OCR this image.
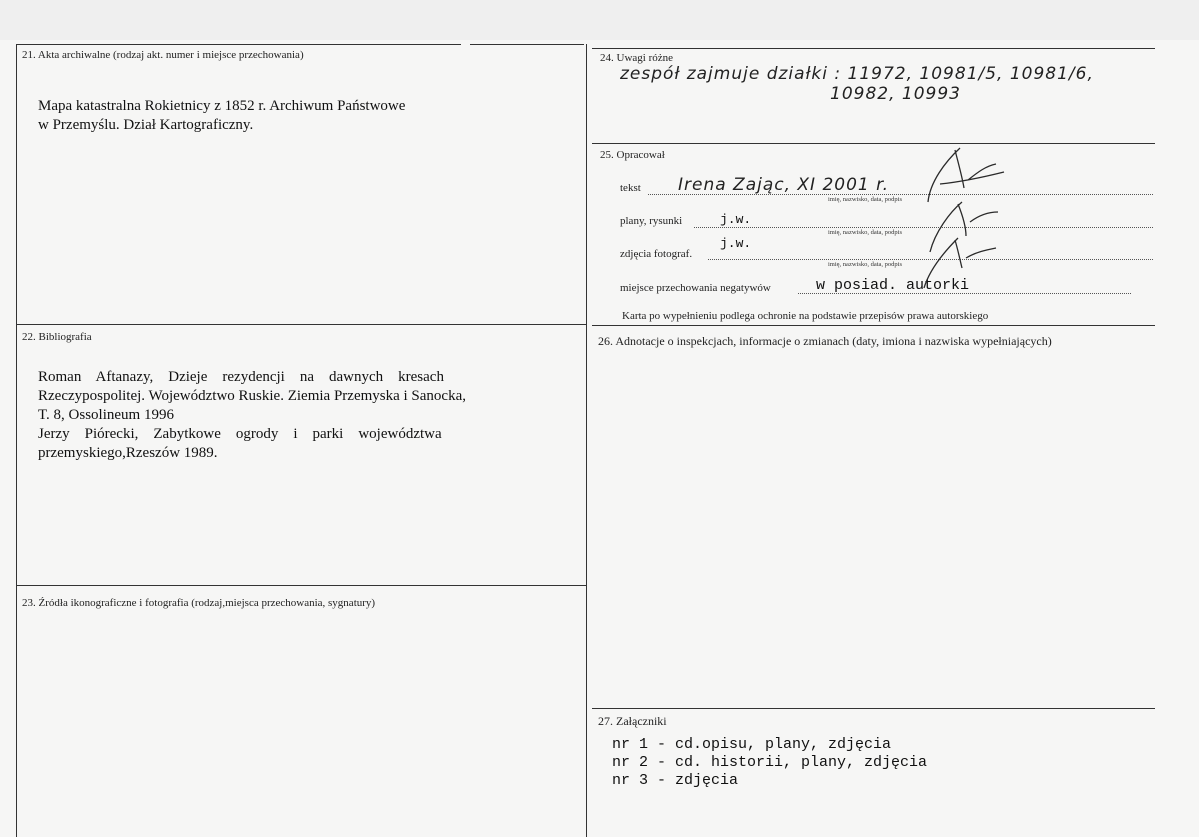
21. Akta archiwalne (rodzaj akt. numer i miejsce przechowania)
Mapa katastralna Rokietnicy z 1852 r. Archiwum Państwowe
w Przemyślu. Dział Kartograficzny.
22. Bibliografia
Roman    Aftanazy,    Dzieje    rezydencji    na    dawnych    kresach
Rzeczypospolitej. Województwo Ruskie. Ziemia Przemyska i Sanocka,
T. 8, Ossolineum 1996
Jerzy    Piórecki,    Zabytkowe    ogrody    i    parki    województwa
przemyskiego,Rzeszów 1989.
23. Źródła ikonograficzne i fotografia (rodzaj,miejsca przechowania, sygnatury)
24. Uwagi różne
zespół zajmuje działki : 11972, 10981/5, 10981/6,
10982, 10993
25. Opracował
tekst Irena Zając, XI 2001 r.
imię, nazwisko, data, podpis
plany, rysunki	j.w.
imię, nazwisko, data, podpis
zdjęcia fotograf.
j.w.
imię, nazwisko, data, podpis
miejsce przechowania negatywów	w posiad. autorki
Karta po wypełnieniu podlega ochronie na podstawie przepisów prawa autorskiego
26. Adnotacje o inspekcjach, informacje o zmianach (daty, imiona i nazwiska wypełniających)
27. Załączniki
nr 1 - cd.opisu, plany, zdjęcia
nr 2 - cd. historii, plany, zdjęcia
nr 3 - zdjęcia
